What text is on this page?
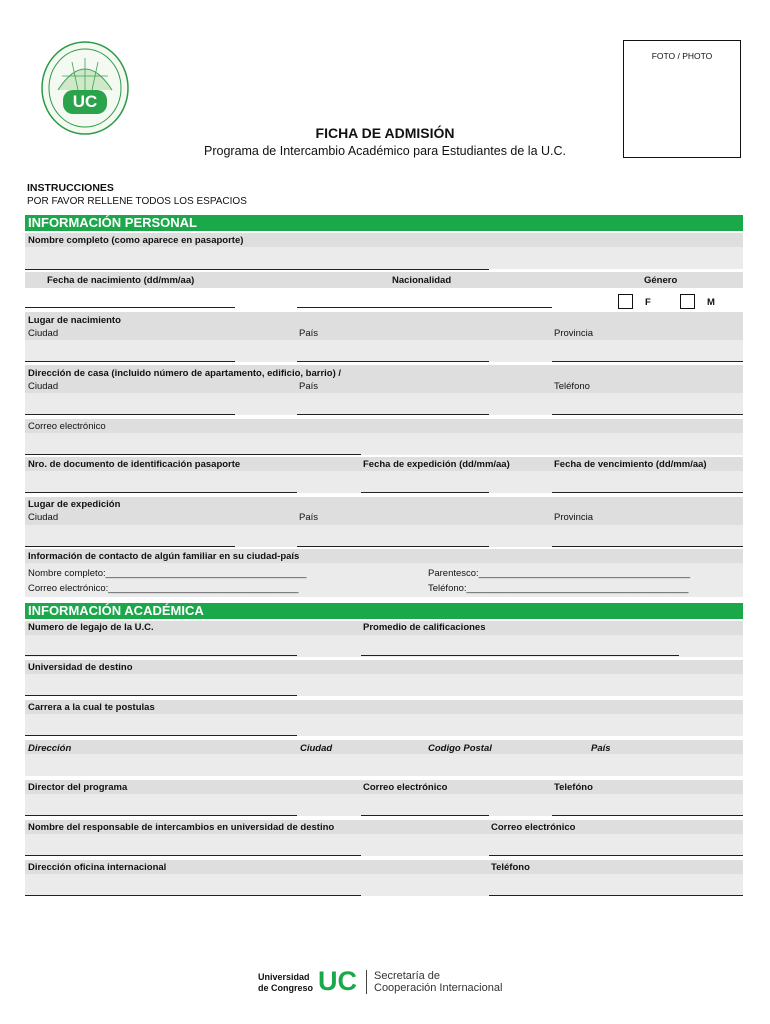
UC
FOTO / PHOTO
FICHA DE ADMISIÓN
Programa de Intercambio Académico para Estudiantes de la U.C.
INSTRUCCIONES
POR FAVOR RELLENE TODOS LOS ESPACIOS
INFORMACIÓN PERSONAL
Nombre completo (como aparece en pasaporte)
Fecha de nacimiento (dd/mm/aa)	Nacionalidad	Género
F	M
Lugar de nacimiento
Ciudad	País	Provincia
Dirección de casa (incluido número de apartamento, edificio, barrio) /
Ciudad	País	Teléfono
Correo electrónico
Nro. de documento de identificación pasaporte	Fecha de expedición (dd/mm/aa)	Fecha de vencimiento (dd/mm/aa)
Lugar de expedición
Ciudad	País	Provincia
Información de contacto de algún familiar en su ciudad-país
Nombre completo:______________________________________	Parentesco:________________________________________
Correo electrónico:____________________________________	Teléfono:__________________________________________
INFORMACIÓN ACADÉMICA
Numero de legajo de la U.C.	Promedio de calificaciones
Universidad de destino
Carrera a la cual te postulas
Dirección	Ciudad	Codigo Postal	País
Director del programa	Correo electrónico	Telefóno
Nombre del responsable de intercambios en universidad de destino	Correo electrónico
Dirección oficina internacional	Teléfono
Universidad
de Congreso UC Secretaría de
Cooperación Internacional
